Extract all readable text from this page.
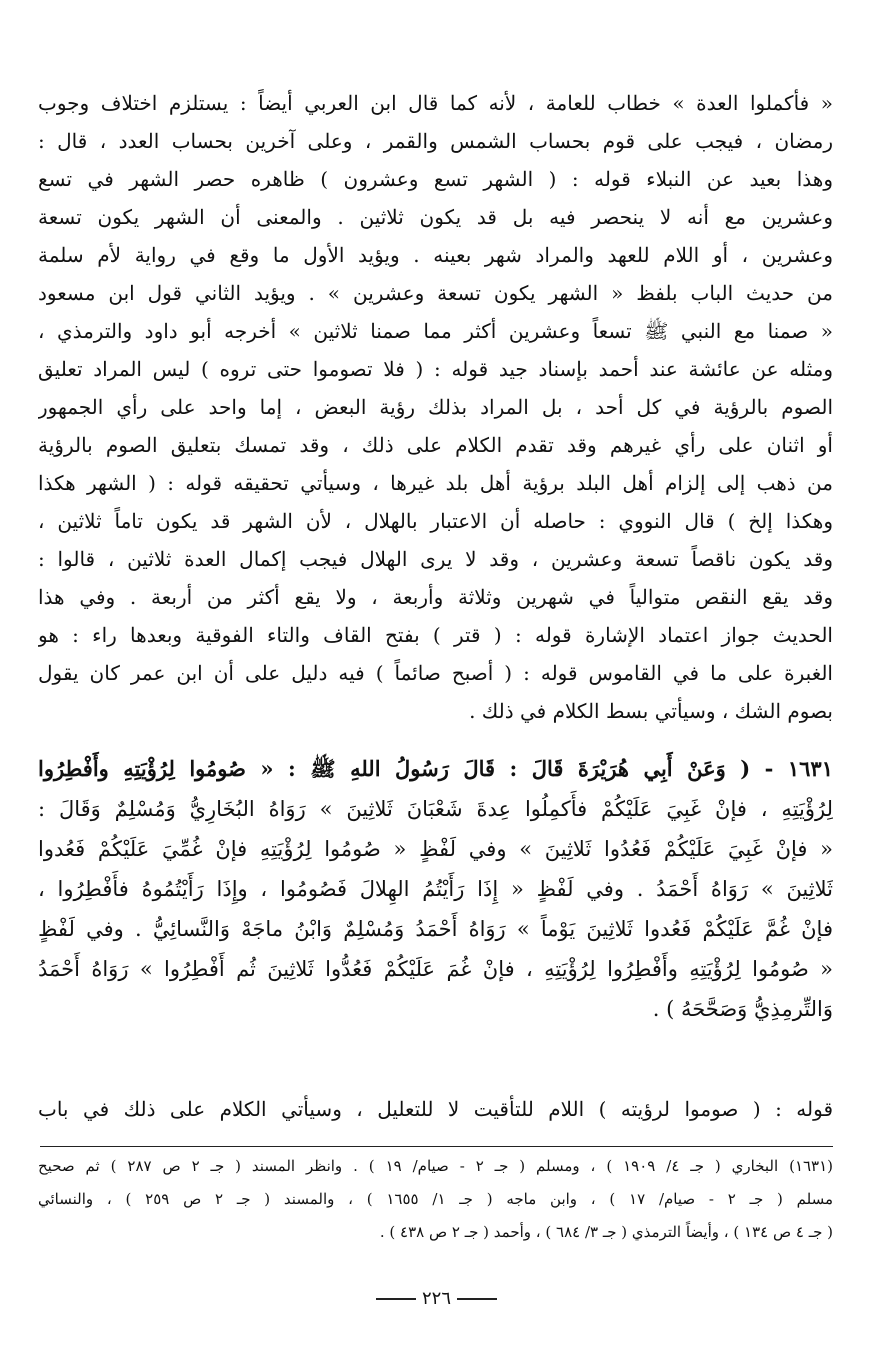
« فأكملوا العدة » خطاب للعامة ، لأنه كما قال ابن العربي أيضاً : يستلزم اختلاف وجوب
رمضان ، فيجب على قوم بحساب الشمس والقمر ، وعلى آخرين بحساب العدد ، قال :
وهذا بعيد عن النبلاء قوله : ( الشهر تسع وعشرون ) ظاهره حصر الشهر في تسع
وعشرين مع أنه لا ينحصر فيه بل قد يكون ثلاثين . والمعنى أن الشهر يكون تسعة
وعشرين ، أو اللام للعهد والمراد شهر بعينه . ويؤيد الأول ما وقع في رواية لأم سلمة
من حديث الباب بلفظ « الشهر يكون تسعة وعشرين » . ويؤيد الثاني قول ابن مسعود
« صمنا مع النبي ﷺ تسعاً وعشرين أكثر مما صمنا ثلاثين » أخرجه أبو داود والترمذي ،
ومثله عن عائشة عند أحمد بإسناد جيد قوله : ( فلا تصوموا حتى تروه ) ليس المراد تعليق
الصوم بالرؤية في كل أحد ، بل المراد بذلك رؤية البعض ، إما واحد على رأي الجمهور
أو اثنان على رأي غيرهم وقد تقدم الكلام على ذلك ، وقد تمسك بتعليق الصوم بالرؤية
من ذهب إلى إلزام أهل البلد برؤية أهل بلد غيرها ، وسيأتي تحقيقه قوله : ( الشهر هكذا
وهكذا إلخ ) قال النووي : حاصله أن الاعتبار بالهلال ، لأن الشهر قد يكون تاماً ثلاثين ،
وقد يكون ناقصاً تسعة وعشرين ، وقد لا يرى الهلال فيجب إكمال العدة ثلاثين ، قالوا :
وقد يقع النقص متوالياً في شهرين وثلاثة وأربعة ، ولا يقع أكثر من أربعة . وفي هذا
الحديث جواز اعتماد الإشارة قوله : ( قتر ) بفتح القاف والتاء الفوقية وبعدها راء : هو
الغبرة على ما في القاموس قوله : ( أصبح صائماً ) فيه دليل على أن ابن عمر كان يقول
بصوم الشك ، وسيأتي بسط الكلام في ذلك .
١٦٣١ - ( وَعَنْ أَبِي هُرَيْرَةَ قَالَ : قَالَ رَسُولُ اللهِ ﷺ : « صُومُوا لِرُؤْيَتِهِ وأَفْطِرُوا
لِرُؤْيَتِهِ ، فإنْ غَبِيَ عَلَيْكُمْ فأَكمِلُوا عِدةَ شَعْبَانَ ثَلاثِينَ » رَوَاهُ البُخَارِيُّ وَمُسْلِمٌ وَقَالَ :
« فإنْ غَبِيَ عَلَيْكُمْ فَعُدُوا ثَلاثِينَ » وفي لَفْظٍ « صُومُوا لِرُؤْيَتِهِ فإنْ غُمِّيَ عَلَيْكُمْ فَعُدوا
ثَلاثِينَ » رَوَاهُ أَحْمَدُ . وفي لَفْظٍ « إِذَا رَأَيْتُمُ الهِلالَ فَصُومُوا ، وإِذَا رَأَيْتُمُوهُ فأَفْطِرُوا ،
فإنْ غُمَّ عَلَيْكُمْ فَعُدوا ثَلاثِينَ يَوْماً » رَوَاهُ أَحْمَدُ وَمُسْلِمٌ وَابْنُ ماجَهْ وَالنَّسائِيُّ . وفي لَفْظٍ
« صُومُوا لِرُؤْيَتِهِ وأَفْطِرُوا لِرُؤْيَتِهِ ، فإنْ غُمَ عَلَيْكُمْ فَعُدُّوا ثَلاثِينَ ثُم أَفْطِرُوا » رَوَاهُ أَحْمَدُ
وَالتِّرمِذِيُّ وَصَحَّحَهُ ) .
قوله : ( صوموا لرؤيته ) اللام للتأقيت لا للتعليل ، وسيأتي الكلام على ذلك في باب
(١٦٣١) البخاري ( جـ ٤/ ١٩٠٩ ) ، ومسلم ( جـ ٢ - صيام/ ١٩ ) . وانظر المسند ( جـ ٢ ص ٢٨٧ ) ثم صحيح
مسلم ( جـ ٢ - صيام/ ١٧ ) ، وابن ماجه ( جـ ١/ ١٦٥٥ ) ، والمسند ( جـ ٢ ص ٢٥٩ ) ، والنسائي
( جـ ٤ ص ١٣٤ ) ، وأيضاً الترمذي ( جـ ٣/ ٦٨٤ ) ، وأحمد ( جـ ٢ ص ٤٣٨ ) .
٢٢٦
